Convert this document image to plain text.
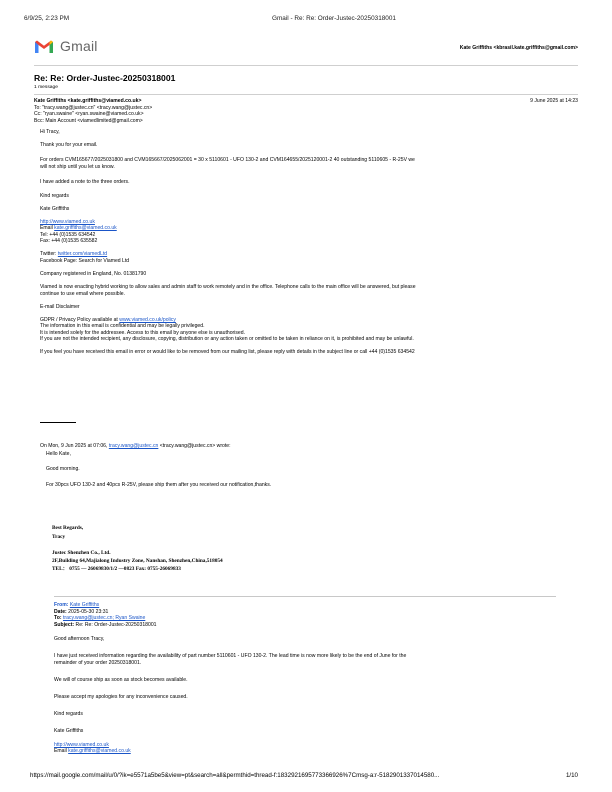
6/9/25, 2:23 PM	Gmail - Re: Re: Order-Justec-20250318001
Gmail	Kate Griffiths <kbrasil.kate.griffiths@gmail.com>
Re: Re: Order-Justec-20250318001
1 message
Kate Griffiths <kate.griffiths@viamed.co.uk>
To: "tracy.wang@justec.cn" <tracy.wang@justec.cn>
Cc: "ryan.swaine" <ryan.swaine@viamed.co.uk>
Bcc: Main Account <viamedlimited@gmail.com>
9 June 2025 at 14:23
Hi Tracy,
Thank you for your email.
For orders CVM165677/2025031800 and CVM165667/2025062001 = 30 x 5110601 - UFO 130-2 and CVM164655/2025120001-2 40 outstanding 5110605 - R-25V we
will not ship until you let us know.
I have added a note to the three orders.
Kind regards
Kate Griffiths
http://www.viamed.co.uk
Email kate.griffiths@viamed.co.uk
Tel: +44 (0)1535 634542
Fax: +44 (0)1535 635582
Twitter: twitter.com/viamedLtd
Facebook Page: Search for Viamed Ltd
Company registered in England, No. 01381790
Viamed is now enacting hybrid working to allow sales and admin staff to work remotely and in the office. Telephone calls to the main office will be answered, but please
continue to use email where possible.
E-mail Disclaimer
GDPR / Privacy Policy available at www.viamed.co.uk/policy
The information in this email is confidential and may be legally privileged.
It is intended solely for the addressee. Access to this email by anyone else is unauthorised.
If you are not the intended recipient, any disclosure, copying, distribution or any action taken or omitted to be taken in reliance on it, is prohibited and may be unlawful.
If you feel you have received this email in error or would like to be removed from our mailing list, please reply with details in the subject line or call +44 (0)1535 634542
On Mon, 9 Jun 2025 at 07:06, tracy.wang@justec.cn <tracy.wang@justec.cn> wrote:
Hello Kate,
Good morning.
For 30pcs UFO 130-2 and 40pcs R-25V, please ship them after you received our notification,thanks.
Best Regards,
Tracy
Justec Shenzhen Co., Ltd.
2F,Building 64,Majialong Industry Zone, Nanshan, Shenzhen,China,518054
TEL： 0755 — 26069830/1/2 —0823 Fax: 0755-26069833
From: Kate Griffiths
Date: 2025-05-30 23:31
To: tracy.wang@justec.cn; Ryan Swaine
Subject: Re: Re: Order-Justec-20250318001
Good afternoon Tracy,
I have just received information regarding the availability of part number 5110601 - UFO 130-2. The lead time is now more likely to be the end of June for the
remainder of your order 20250318001.
We will of course ship as soon as stock becomes available.
Please accept my apologies for any inconvenience caused.
Kind regards
Kate Griffiths
http://www.viamed.co.uk
Email kate.griffiths@viamed.co.uk
https://mail.google.com/mail/u/0/?ik=e5571a5be5&view=pt&search=all&permthid=thread-f:1832921695773366926%7Cmsg-a:r-5182901337014580...	1/10
